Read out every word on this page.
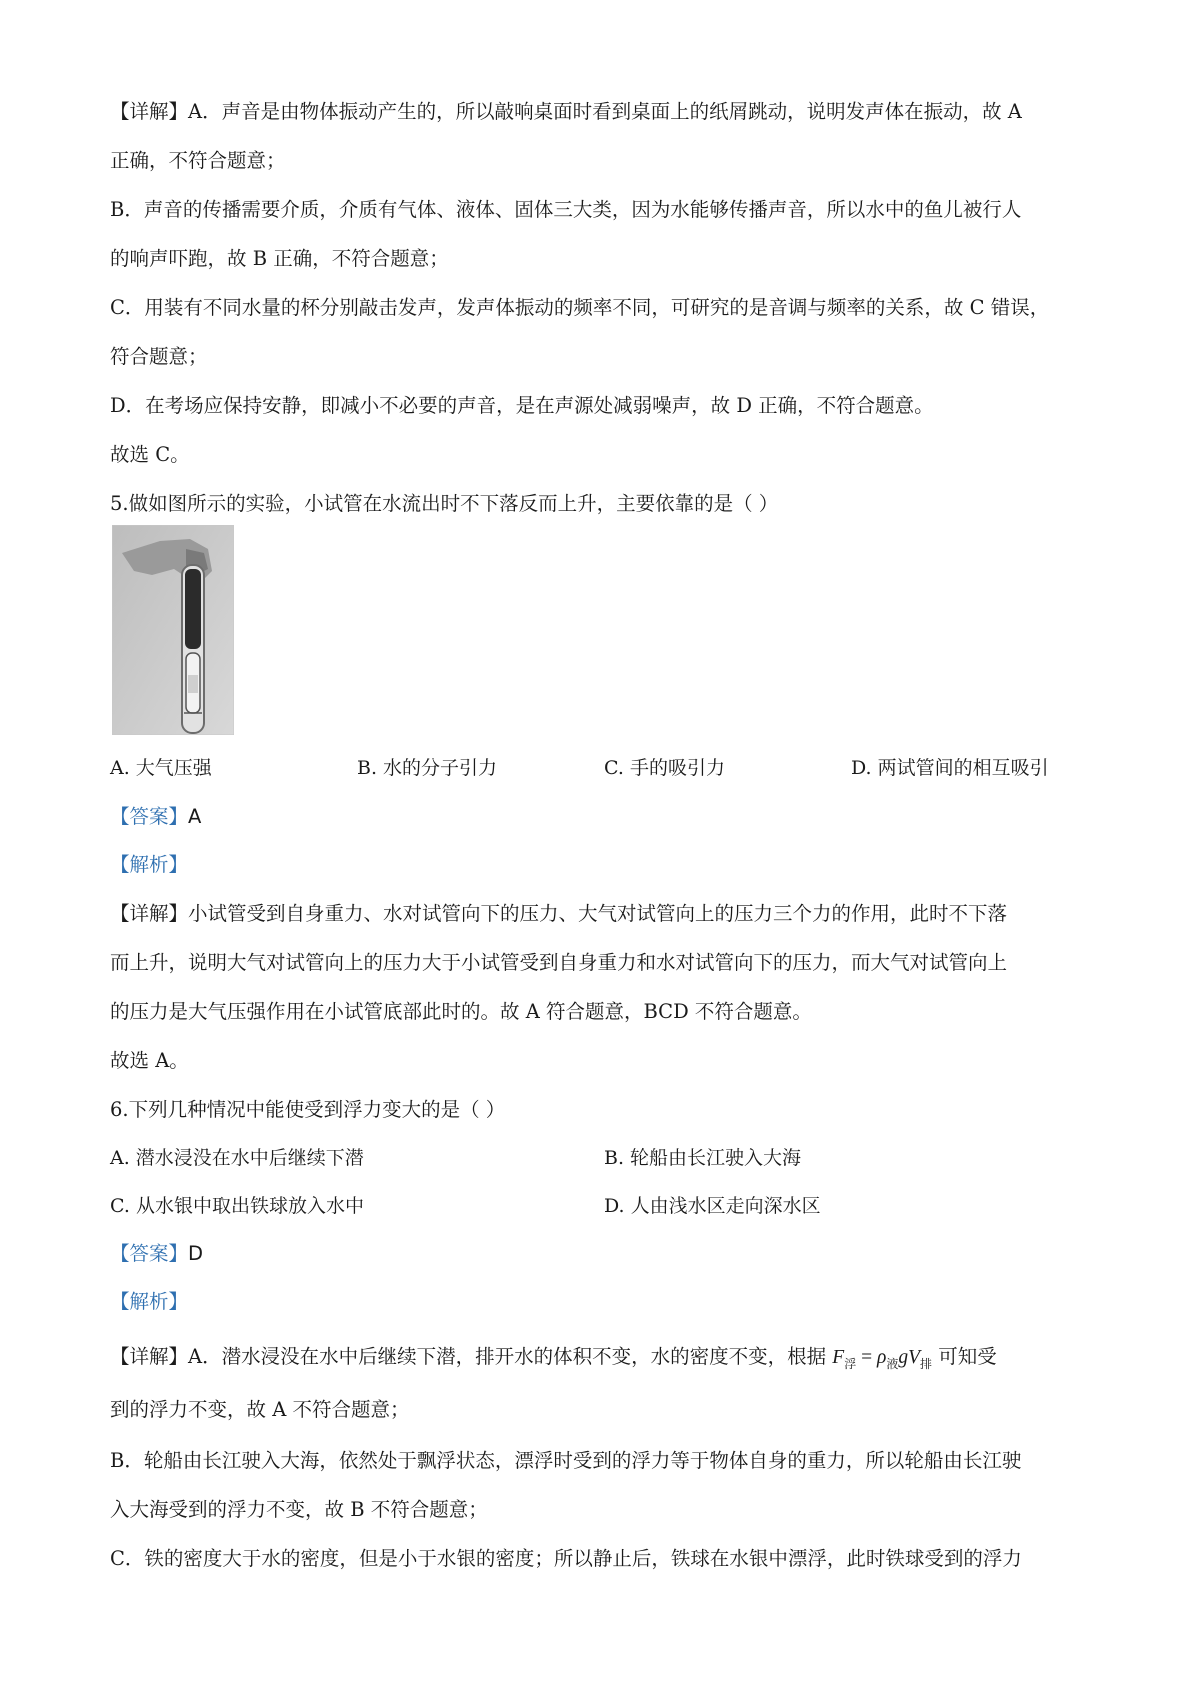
【详解】A．声音是由物体振动产生的，所以敲响桌面时看到桌面上的纸屑跳动，说明发声体在振动，故 A
正确，不符合题意；
B．声音的传播需要介质，介质有气体、液体、固体三大类，因为水能够传播声音，所以水中的鱼儿被行人
的响声吓跑，故 B 正确，不符合题意；
C．用装有不同水量的杯分别敲击发声，发声体振动的频率不同，可研究的是音调与频率的关系，故 C 错误，
符合题意；
D．在考场应保持安静，即减小不必要的声音，是在声源处减弱噪声，故 D 正确，不符合题意。
故选 C。
5.做如图所示的实验，小试管在水流出时不下落反而上升，主要依靠的是（ ）
A. 大气压强	B. 水的分子引力	C. 手的吸引力	D. 两试管间的相互吸引
【答案】A
【解析】
【详解】小试管受到自身重力、水对试管向下的压力、大气对试管向上的压力三个力的作用，此时不下落
而上升，说明大气对试管向上的压力大于小试管受到自身重力和水对试管向下的压力，而大气对试管向上
的压力是大气压强作用在小试管底部此时的。故 A 符合题意，BCD 不符合题意。
故选 A。
6.下列几种情况中能使受到浮力变大的是（ ）
A. 潜水浸没在水中后继续下潜	B. 轮船由长江驶入大海
C. 从水银中取出铁球放入水中	D. 人由浅水区走向深水区
【答案】D
【解析】
【详解】A．潜水浸没在水中后继续下潜，排开水的体积不变，水的密度不变，根据 $F_浮 = \rho_液gV_排$ 可知受
到的浮力不变，故 A 不符合题意；
B．轮船由长江驶入大海，依然处于飘浮状态，漂浮时受到的浮力等于物体自身的重力，所以轮船由长江驶
入大海受到的浮力不变，故 B 不符合题意；
C．铁的密度大于水的密度，但是小于水银的密度；所以静止后，铁球在水银中漂浮，此时铁球受到的浮力
